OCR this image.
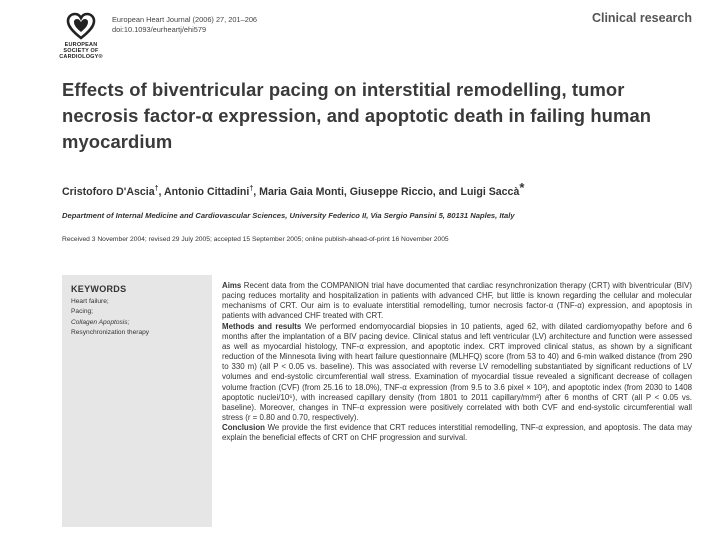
EUROPEAN
SOCIETY OF
CARDIOLOGY®
European Heart Journal (2006) 27, 201–206
doi:10.1093/eurheartj/ehi579
Clinical research
Effects of biventricular pacing on interstitial remodelling, tumor necrosis factor-α expression, and apoptotic death in failing human myocardium
Cristoforo D'Ascia†, Antonio Cittadini†, Maria Gaia Monti, Giuseppe Riccio, and Luigi Saccà*
Department of Internal Medicine and Cardiovascular Sciences, University Federico II, Via Sergio Pansini 5, 80131 Naples, Italy
Received 3 November 2004; revised 29 July 2005; accepted 15 September 2005; online publish-ahead-of-print 16 November 2005
KEYWORDS
Heart failure;
Pacing;
Collagen Apoptosis;
Resynchronization therapy

Aims Recent data from the COMPANION trial have documented that cardiac resynchronization therapy (CRT) with biventricular (BIV) pacing reduces mortality and hospitalization in patients with advanced CHF, but little is known regarding the cellular and molecular mechanisms of CRT. Our aim is to evaluate interstitial remodelling, tumor necrosis factor-α (TNF-α) expression, and apoptosis in patients with advanced CHF treated with CRT.

Methods and results We performed endomyocardial biopsies in 10 patients, aged 62, with dilated cardiomyopathy before and 6 months after the implantation of a BIV pacing device. Clinical status and left ventricular (LV) architecture and function were assessed as well as myocardial histology, TNF-α expression, and apoptotic index. CRT improved clinical status, as shown by a significant reduction of the Minnesota living with heart failure questionnaire (MLHFQ) score (from 53 to 40) and 6-min walked distance (from 290 to 330 m) (all P < 0.05 vs. baseline). This was associated with reverse LV remodelling substantiated by significant reductions of LV volumes and end-systolic circumferential wall stress. Examination of myocardial tissue revealed a significant decrease of collagen volume fraction (CVF) (from 25.16 to 18.0%), TNF-α expression (from 9.5 to 3.6 pixel × 10³), and apoptotic index (from 2030 to 1408 apoptotic nuclei/10⁶), with increased capillary density (from 1801 to 2011 capillary/mm³) after 6 months of CRT (all P < 0.05 vs. baseline). Moreover, changes in TNF-α expression were positively correlated with both CVF and end-systolic circumferential wall stress (r = 0.80 and 0.70, respectively).

Conclusion We provide the first evidence that CRT reduces interstitial remodelling, TNF-α expression, and apoptosis. The data may explain the beneficial effects of CRT on CHF progression and survival.
